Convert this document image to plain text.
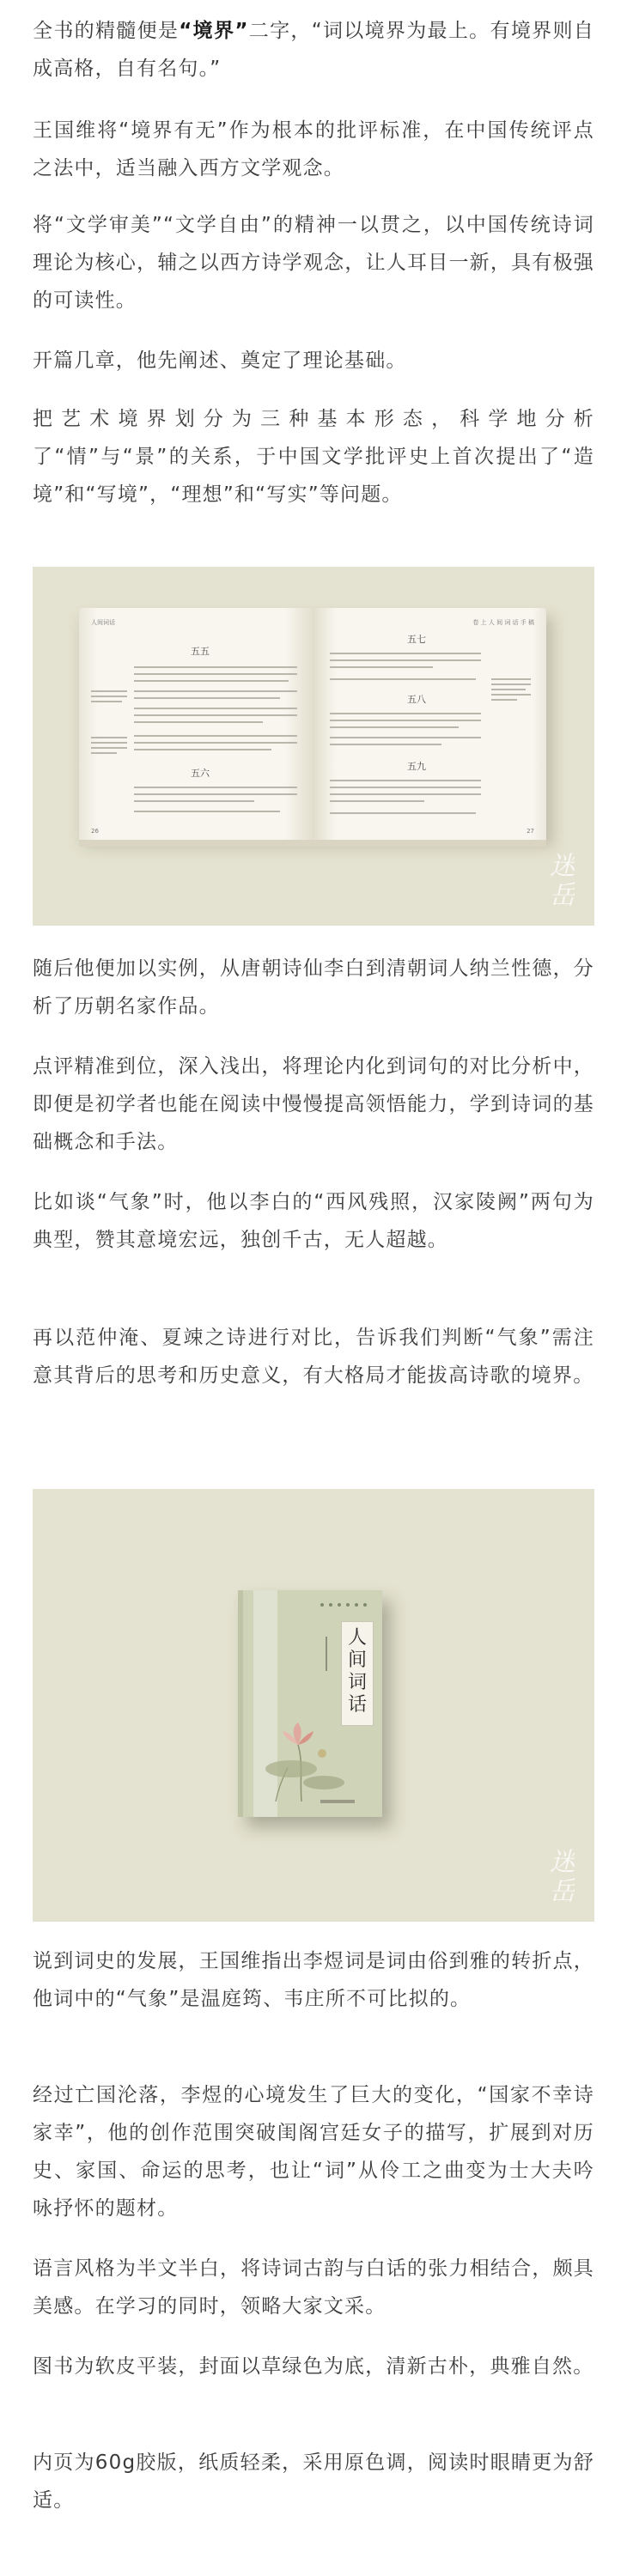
全书的精髓便是“境界”二字，“词以境界为最上。有境界则自成高格，自有名句。”

王国维将“境界有无”作为根本的批评标准，在中国传统评点之法中，适当融入西方文学观念。

将“文学审美”“文学自由”的精神一以贯之，以中国传统诗词理论为核心，辅之以西方诗学观念，让人耳目一新，具有极强的可读性。

开篇几章，他先阐述、奠定了理论基础。

把艺术境界划分为三种基本形态，科学地分析了“情”与“景”的关系，于中国文学批评史上首次提出了“造境”和“写境”，“理想”和“写实”等问题。

人间词话
五五
五六
26
卷 上 人 间 词 话 手 稿
五七
五八
五九
27
迷岳

随后他便加以实例，从唐朝诗仙李白到清朝词人纳兰性德，分析了历朝名家作品。

点评精准到位，深入浅出，将理论内化到词句的对比分析中，即便是初学者也能在阅读中慢慢提高领悟能力，学到诗词的基础概念和手法。

比如谈“气象”时，他以李白的“西风残照，汉家陵阙”两句为典型，赞其意境宏远，独创千古，无人超越。

再以范仲淹、夏竦之诗进行对比，告诉我们判断“气象”需注意其背后的思考和历史意义，有大格局才能拔高诗歌的境界。

人间词话
迷岳

说到词史的发展，王国维指出李煜词是词由俗到雅的转折点，他词中的“气象”是温庭筠、韦庄所不可比拟的。

经过亡国沦落，李煜的心境发生了巨大的变化，“国家不幸诗家幸”，他的创作范围突破闺阁宫廷女子的描写，扩展到对历史、家国、命运的思考，也让“词”从伶工之曲变为士大夫吟咏抒怀的题材。

语言风格为半文半白，将诗词古韵与白话的张力相结合，颇具美感。在学习的同时，领略大家文采。

图书为软皮平装，封面以草绿色为底，清新古朴，典雅自然。

内页为60g胶版，纸质轻柔，采用原色调，阅读时眼睛更为舒适。
